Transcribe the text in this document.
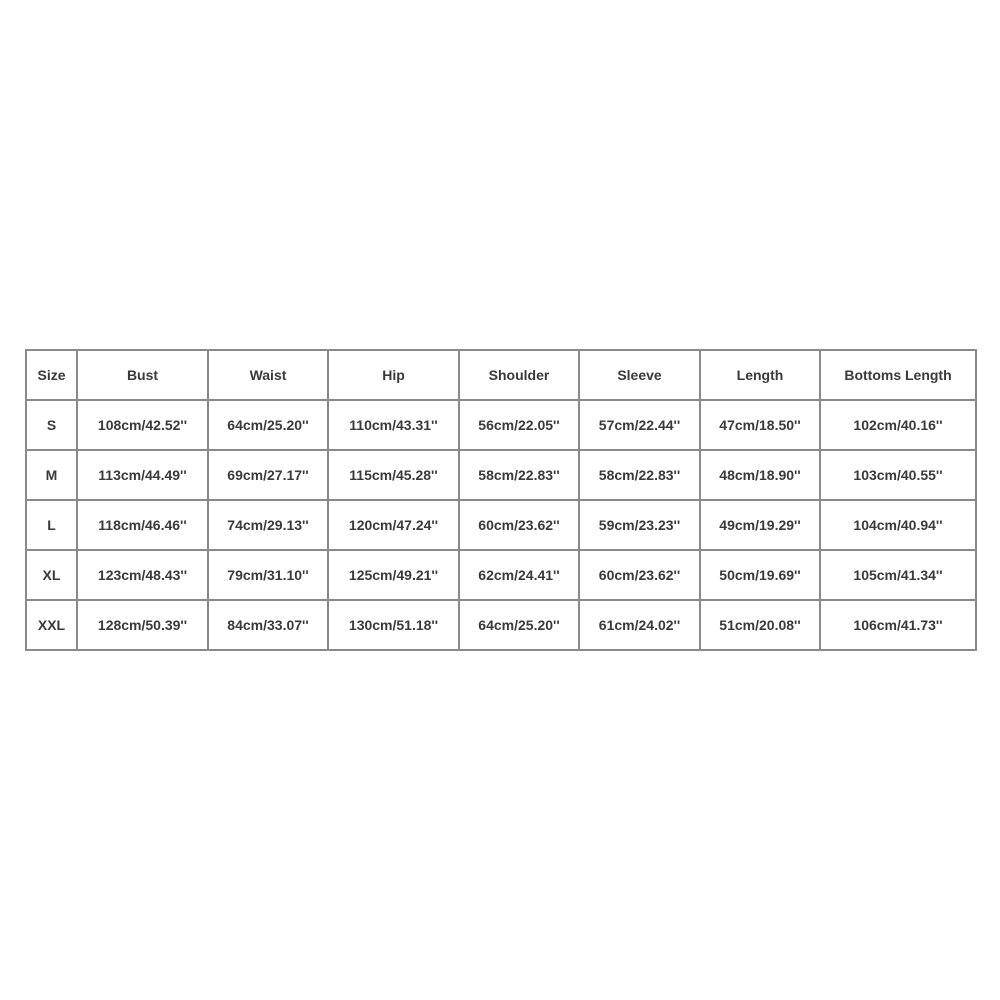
Size	Bust	Waist	Hip	Shoulder	Sleeve	Length	Bottoms Length
S	108cm/42.52''	64cm/25.20''	110cm/43.31''	56cm/22.05''	57cm/22.44''	47cm/18.50''	102cm/40.16''
M	113cm/44.49''	69cm/27.17''	115cm/45.28''	58cm/22.83''	58cm/22.83''	48cm/18.90''	103cm/40.55''
L	118cm/46.46''	74cm/29.13''	120cm/47.24''	60cm/23.62''	59cm/23.23''	49cm/19.29''	104cm/40.94''
XL	123cm/48.43''	79cm/31.10''	125cm/49.21''	62cm/24.41''	60cm/23.62''	50cm/19.69''	105cm/41.34''
XXL	128cm/50.39''	84cm/33.07''	130cm/51.18''	64cm/25.20''	61cm/24.02''	51cm/20.08''	106cm/41.73''
